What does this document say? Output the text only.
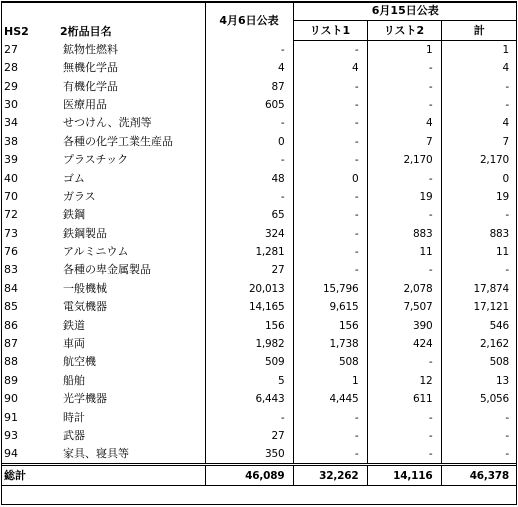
HS2	2桁品目名	4月6日公表	6月15日公表		
			リスト1	リスト2	計
27	鉱物性燃料	-	-	1	1
28	無機化学品	4	4	-	4
29	有機化学品	87	-	-	-
30	医療用品	605	-	-	-
34	せつけん、洗剤等	-	-	4	4
38	各種の化学工業生産品	0	-	7	7
39	プラスチック	-	-	2,170	2,170
40	ゴム	48	0	-	0
70	ガラス	-	-	19	19
72	鉄鋼	65	-	-	-
73	鉄鋼製品	324	-	883	883
76	アルミニウム	1,281	-	11	11
83	各種の卑金属製品	27	-	-	-
84	一般機械	20,013	15,796	2,078	17,874
85	電気機器	14,165	9,615	7,507	17,121
86	鉄道	156	156	390	546
87	車両	1,982	1,738	424	2,162
88	航空機	509	508	-	508
89	船舶	5	1	12	13
90	光学機器	6,443	4,445	611	5,056
91	時計	-	-	-	-
93	武器	27	-	-	-
94	家具、寝具等	350	-	-	-
総計		46,089	32,262	14,116	46,378
